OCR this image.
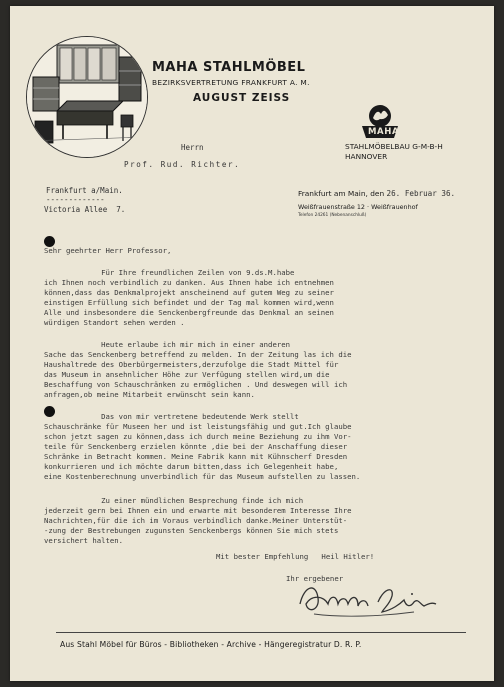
MAHA STAHLMÖBEL
BEZIRKSVERTRETUNG FRANKFURT A. M.
AUGUST ZEISS
MAHA
STAHLMÖBELBAU G-M-B-H
HANNOVER
Herrn
Prof. Rud. Richter.
Frankfurt a/Main.
-------------
Victoria Allee  7.
Frankfurt am Main, den 26. Februar 36.
Weißfrauenstraße 12 · Weißfrauenhof
Telefon 24261 (Nebenanschluß)
Sehr geehrter Herr Professor,
Für Ihre freundlichen Zeilen von 9.ds.M.habe
ich Ihnen noch verbindlich zu danken. Aus Ihnen habe ich entnehmen
können,dass das Denkmalprojekt anscheinend auf gutem Weg zu seiner
einstigen Erfüllung sich befindet und der Tag mal kommen wird,wenn
Alle und insbesondere die Senckenbergfreunde das Denkmal an seinen
würdigen Standort sehen werden .
Heute erlaube ich mir mich in einer anderen
Sache das Senckenberg betreffend zu melden. In der Zeitung las ich die
Haushaltrede des Oberbürgermeisters,derzufolge die Stadt Mittel für
das Museum in ansehnlicher Höhe zur Verfügung stellen wird,um die
Beschaffung von Schauschränken zu ermöglichen . Und deswegen will ich
anfragen,ob meine Mitarbeit erwünscht sein kann.
Das von mir vertretene bedeutende Werk stellt
Schauschränke für Museen her und ist leistungsfähig und gut.Ich glaube
schon jetzt sagen zu können,dass ich durch meine Beziehung zu ihm Vor-
teile für Senckenberg erzielen könnte ,die bei der Anschaffung dieser
Schränke in Betracht kommen. Meine Fabrik kann mit Kühnscherf Dresden
konkurrieren und ich möchte darum bitten,dass ich Gelegenheit habe,
eine Kostenberechnung unverbindlich für das Museum aufstellen zu lassen.
Zu einer mündlichen Besprechung finde ich mich
jederzeit gern bei Ihnen ein und erwarte mit besonderem Interesse Ihre
Nachrichten,für die ich im Voraus verbindlich danke.Meiner Unterstüt-
-zung der Bestrebungen zugunsten Senckenbergs können Sie mich stets
versichert halten.
Mit bester Empfehlung   Heil Hitler!
Ihr ergebener
Aus Stahl Möbel für Büros - Bibliotheken - Archive - Hängeregistratur D. R. P.
